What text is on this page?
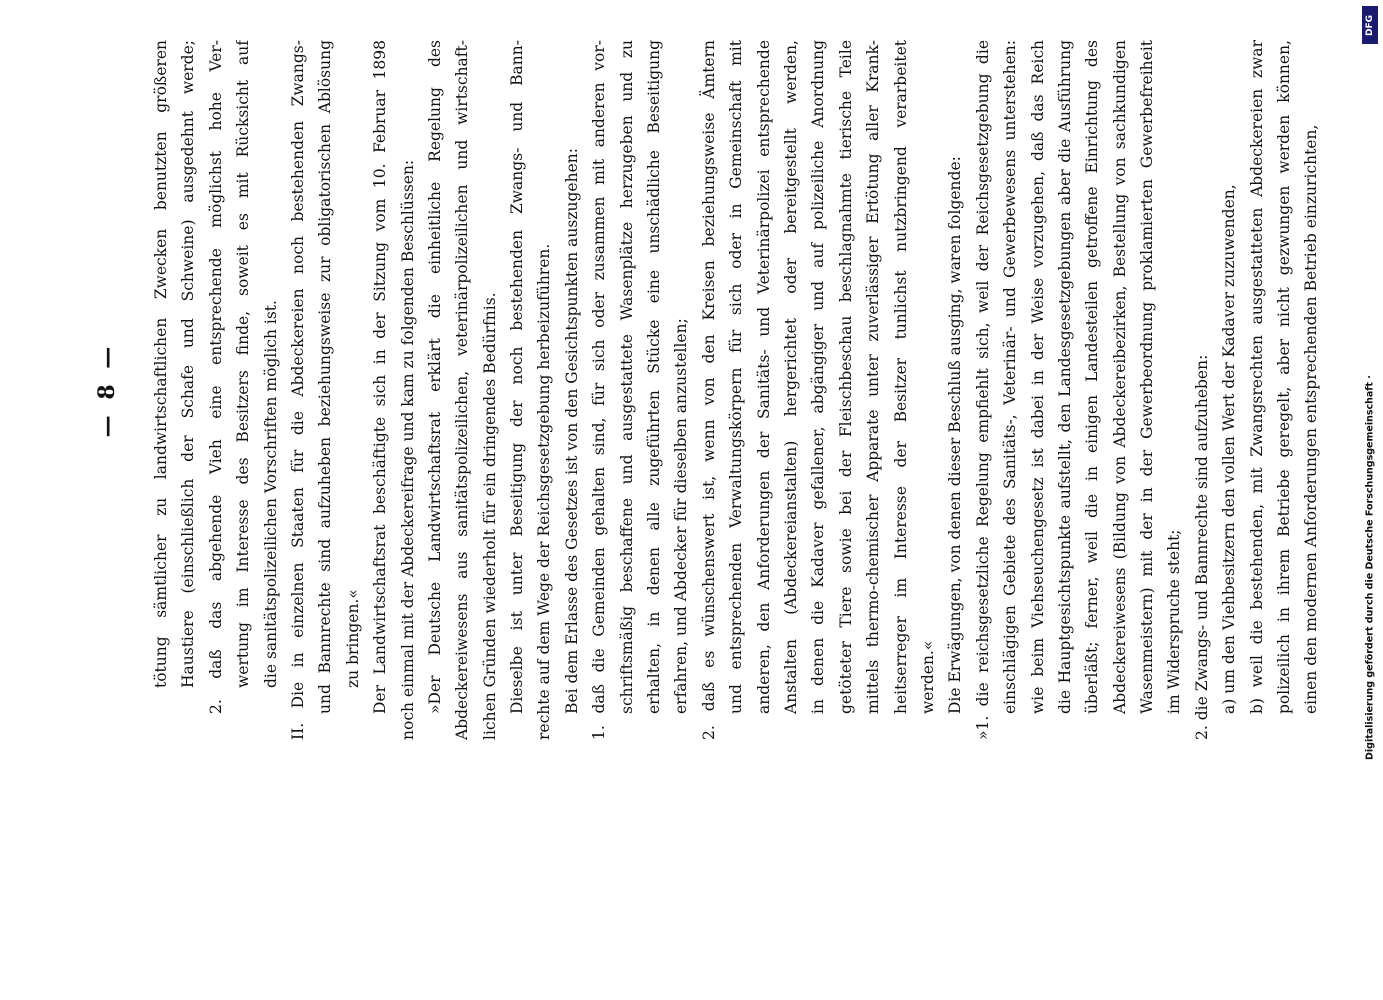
DFG
Digitalisierung gefördert durch die Deutsche Forschungsgemeinschaft ·
— 8 — tötung sämtlicher zu landwirtschaftlichen Zwecken benutzten größeren Haustiere (einschließlich der Schafe und Schweine) ausgedehnt werde; 2. daß das abgehende Vieh eine entsprechende möglichst hohe Ver- wertung im Interesse des Besitzers finde, soweit es mit Rücksicht auf die sanitätspolizeilichen Vorschriften möglich ist. II. Die in einzelnen Staaten für die Abdeckereien noch bestehenden Zwangs- und Bannrechte sind aufzuheben beziehungsweise zur obligatorischen Ablösung zu bringen.« Der Landwirtschaftsrat beschäftigte sich in der Sitzung vom 10. Februar 1898 noch einmal mit der Abdeckereifrage und kam zu folgenden Beschlüssen: »Der Deutsche Landwirtschaftsrat erklärt die einheitliche Regelung des Abdeckereiwesens aus sanitätspolizeilichen, veterinärpolizeilichen und wirtschaft- lichen Gründen wiederholt für ein dringendes Bedürfnis. Dieselbe ist unter Beseitigung der noch bestehenden Zwangs- und Bann- rechte auf dem Wege der Reichsgesetzgebung herbeizuführen. Bei dem Erlasse des Gesetzes ist von den Gesichtspunkten auszugehen: 1. daß die Gemeinden gehalten sind, für sich oder zusammen mit anderen vor- schriftsmäßig beschaffene und ausgestattete Wasenplätze herzugeben und zu erhalten, in denen alle zugeführten Stücke eine unschädliche Beseitigung erfahren, und Abdecker für dieselben anzustellen; 2. daß es wünschenswert ist, wenn von den Kreisen beziehungsweise Ämtern und entsprechenden Verwaltungskörpern für sich oder in Gemeinschaft mit anderen, den Anforderungen der Sanitäts- und Veterinärpolizei entsprechende Anstalten (Abdeckereianstalten) hergerichtet oder bereitgestellt werden, in denen die Kadaver gefallener, abgängiger und auf polizeiliche Anordnung getöteter Tiere sowie bei der Fleischbeschau beschlagnahmte tierische Teile mittels thermo-chemischer Apparate unter zuverlässiger Ertötung aller Krank- heitserreger im Interesse der Besitzer tunlichst nutzbringend verarbeitet werden.« Die Erwägungen, von denen dieser Beschluß ausging, waren folgende: »1. die reichsgesetzliche Regelung empfiehlt sich, weil der Reichsgesetzgebung die einschlägigen Gebiete des Sanitäts-, Veterinär- und Gewerbewesens unterstehen: wie beim Viehseuchengesetz ist dabei in der Weise vorzugehen, daß das Reich die Hauptgesichtspunkte aufstellt, den Landesgesetzgebungen aber die Ausführung überläßt; ferner, weil die in einigen Landesteilen getroffene Einrichtung des Abdeckereiwesens (Bildung von Abdeckereibezirken, Bestellung von sachkundigen Wasenmeistern) mit der in der Gewerbeordnung proklamierten Gewerbefreiheit im Widerspruche steht; 2. die Zwangs- und Bannrechte sind aufzuheben: a) um den Viehbesitzern den vollen Wert der Kadaver zuzuwenden, b) weil die bestehenden, mit Zwangsrechten ausgestatteten Abdeckereien zwar polizeilich in ihrem Betriebe geregelt, aber nicht gezwungen werden können, einen den modernen Anforderungen entsprechenden Betrieb einzurichten,
